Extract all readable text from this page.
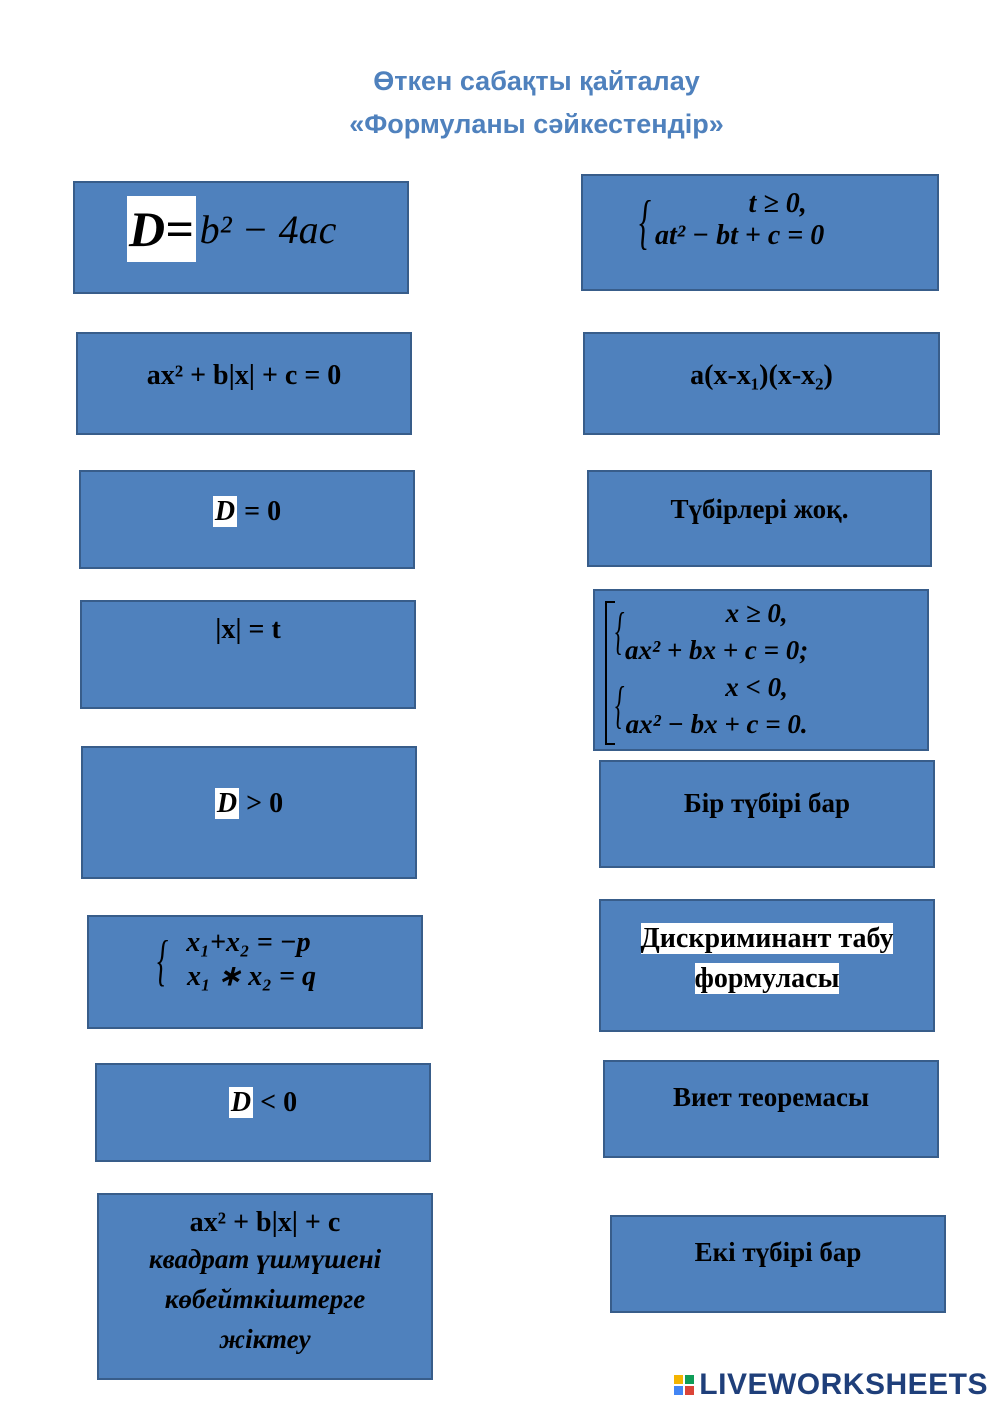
Өткен сабақты қайталау
«Формуланы сәйкестендір»
D= b² − 4ac
ax² + b|x| + c = 0
D = 0
|x| = t
D > 0
{ x₁+x₂ = −p
x₁ ∗ x₂ = q
D < 0
ax² + b|x| + c
квадрат үшмүшені көбейткіштерге жіктеу
{	t ≥ 0,
at² − bt + c = 0
a(x-x₁)(x-x₂)
Түбірлері жоқ.
{
{
x ≥ 0,
ax² + bx + c = 0;
x < 0,
ax² − bx + c = 0.
Бір түбірі бар
Дискриминант табу
формуласы
Виет теоремасы
Екі түбірі бар
LIVEWORKSHEETS
